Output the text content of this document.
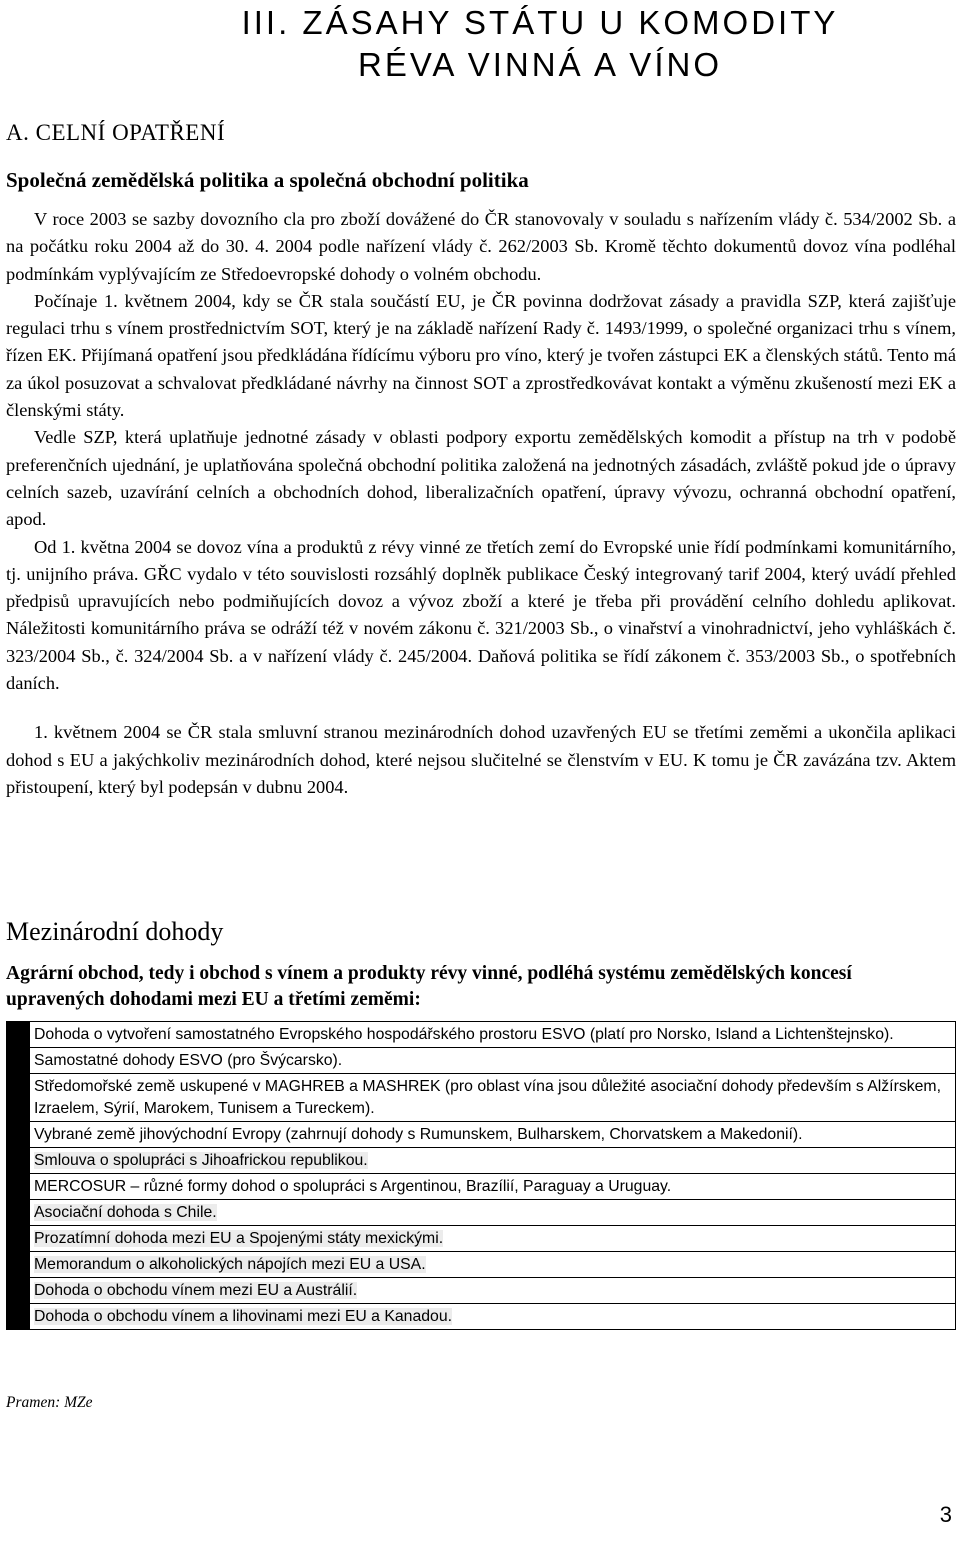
III. ZÁSAHY STÁTU U KOMODITY
RÉVA VINNÁ A VÍNO
A. CELNÍ OPATŘENÍ
Společná zemědělská politika a společná obchodní politika

V roce 2003 se sazby dovozního cla pro zboží dovážené do ČR stanovovaly v souladu s nařízením vlády č. 534/2002 Sb. a na počátku roku 2004 až do 30. 4. 2004 podle nařízení vlády č. 262/2003 Sb. Kromě těchto dokumentů dovoz vína podléhal podmínkám vyplývajícím ze Středoevropské dohody o volném obchodu.

Počínaje 1. květnem 2004, kdy se ČR stala součástí EU, je ČR povinna dodržovat zásady a pravidla SZP, která zajišťuje regulaci trhu s vínem prostřednictvím SOT, který je na základě nařízení Rady č. 1493/1999, o společné organizaci trhu s vínem, řízen EK. Přijímaná opatření jsou předkládána řídícímu výboru pro víno, který je tvořen zástupci EK a členských států. Tento má za úkol posuzovat a schvalovat předkládané návrhy na činnost SOT a zprostředkovávat kontakt a výměnu zkušeností mezi EK a členskými státy.

Vedle SZP, která uplatňuje jednotné zásady v oblasti podpory exportu zemědělských komodit a přístup na trh v podobě preferenčních ujednání, je uplatňována společná obchodní politika založená na jednotných zásadách, zvláště pokud jde o úpravy celních sazeb, uzavírání celních a obchodních dohod, liberalizačních opatření, úpravy vývozu, ochranná obchodní opatření, apod.

Od 1. května 2004 se dovoz vína a produktů z révy vinné ze třetích zemí do Evropské unie řídí podmínkami komunitárního, tj. unijního práva. GŘC vydalo v této souvislosti rozsáhlý doplněk publikace Český integrovaný tarif 2004, který uvádí přehled předpisů upravujících nebo podmiňujících dovoz a vývoz zboží a které je třeba při provádění celního dohledu aplikovat. Náležitosti komunitárního práva se odráží též v novém zákonu č. 321/2003 Sb., o vinařství a vinohradnictví, jeho vyhláškách č. 323/2004 Sb., č. 324/2004 Sb. a v nařízení vlády č. 245/2004. Daňová politika se řídí zákonem č. 353/2003 Sb., o spotřebních daních.

1. květnem 2004 se ČR stala smluvní stranou mezinárodních dohod uzavřených EU se třetími zeměmi a ukončila aplikaci dohod s EU a jakýchkoliv mezinárodních dohod, které nejsou slučitelné se členstvím v EU. K tomu je ČR zavázána tzv. Aktem přistoupení, který byl podepsán v dubnu 2004.

Mezinárodní dohody

Agrární obchod, tedy i obchod s vínem a produkty révy vinné, podléhá systému zemědělských koncesí upravených dohodami mezi EU a třetími zeměmi:

Dohoda o vytvoření samostatného Evropského hospodářského prostoru ESVO (platí pro Norsko, Island a Lichtenštejnsko).
Samostatné dohody ESVO (pro Švýcarsko).
Středomořské země uskupené v MAGHREB a MASHREK (pro oblast vína jsou důležité asociační dohody především s Alžírskem, Izraelem, Sýrií, Marokem, Tunisem a Tureckem).
Vybrané země jihovýchodní Evropy (zahrnují dohody s Rumunskem, Bulharskem, Chorvatskem a Makedonií).
Smlouva o spolupráci s Jihoafrickou republikou.
MERCOSUR – různé formy dohod o spolupráci s Argentinou, Brazílií, Paraguay a Uruguay.
Asociační dohoda s Chile.
Prozatímní dohoda mezi EU a Spojenými státy mexickými.
Memorandum o alkoholických nápojích mezi EU a USA.
Dohoda o obchodu vínem mezi EU a Austrálií.
Dohoda o obchodu vínem a lihovinami mezi EU a Kanadou.

Pramen: MZe

3
